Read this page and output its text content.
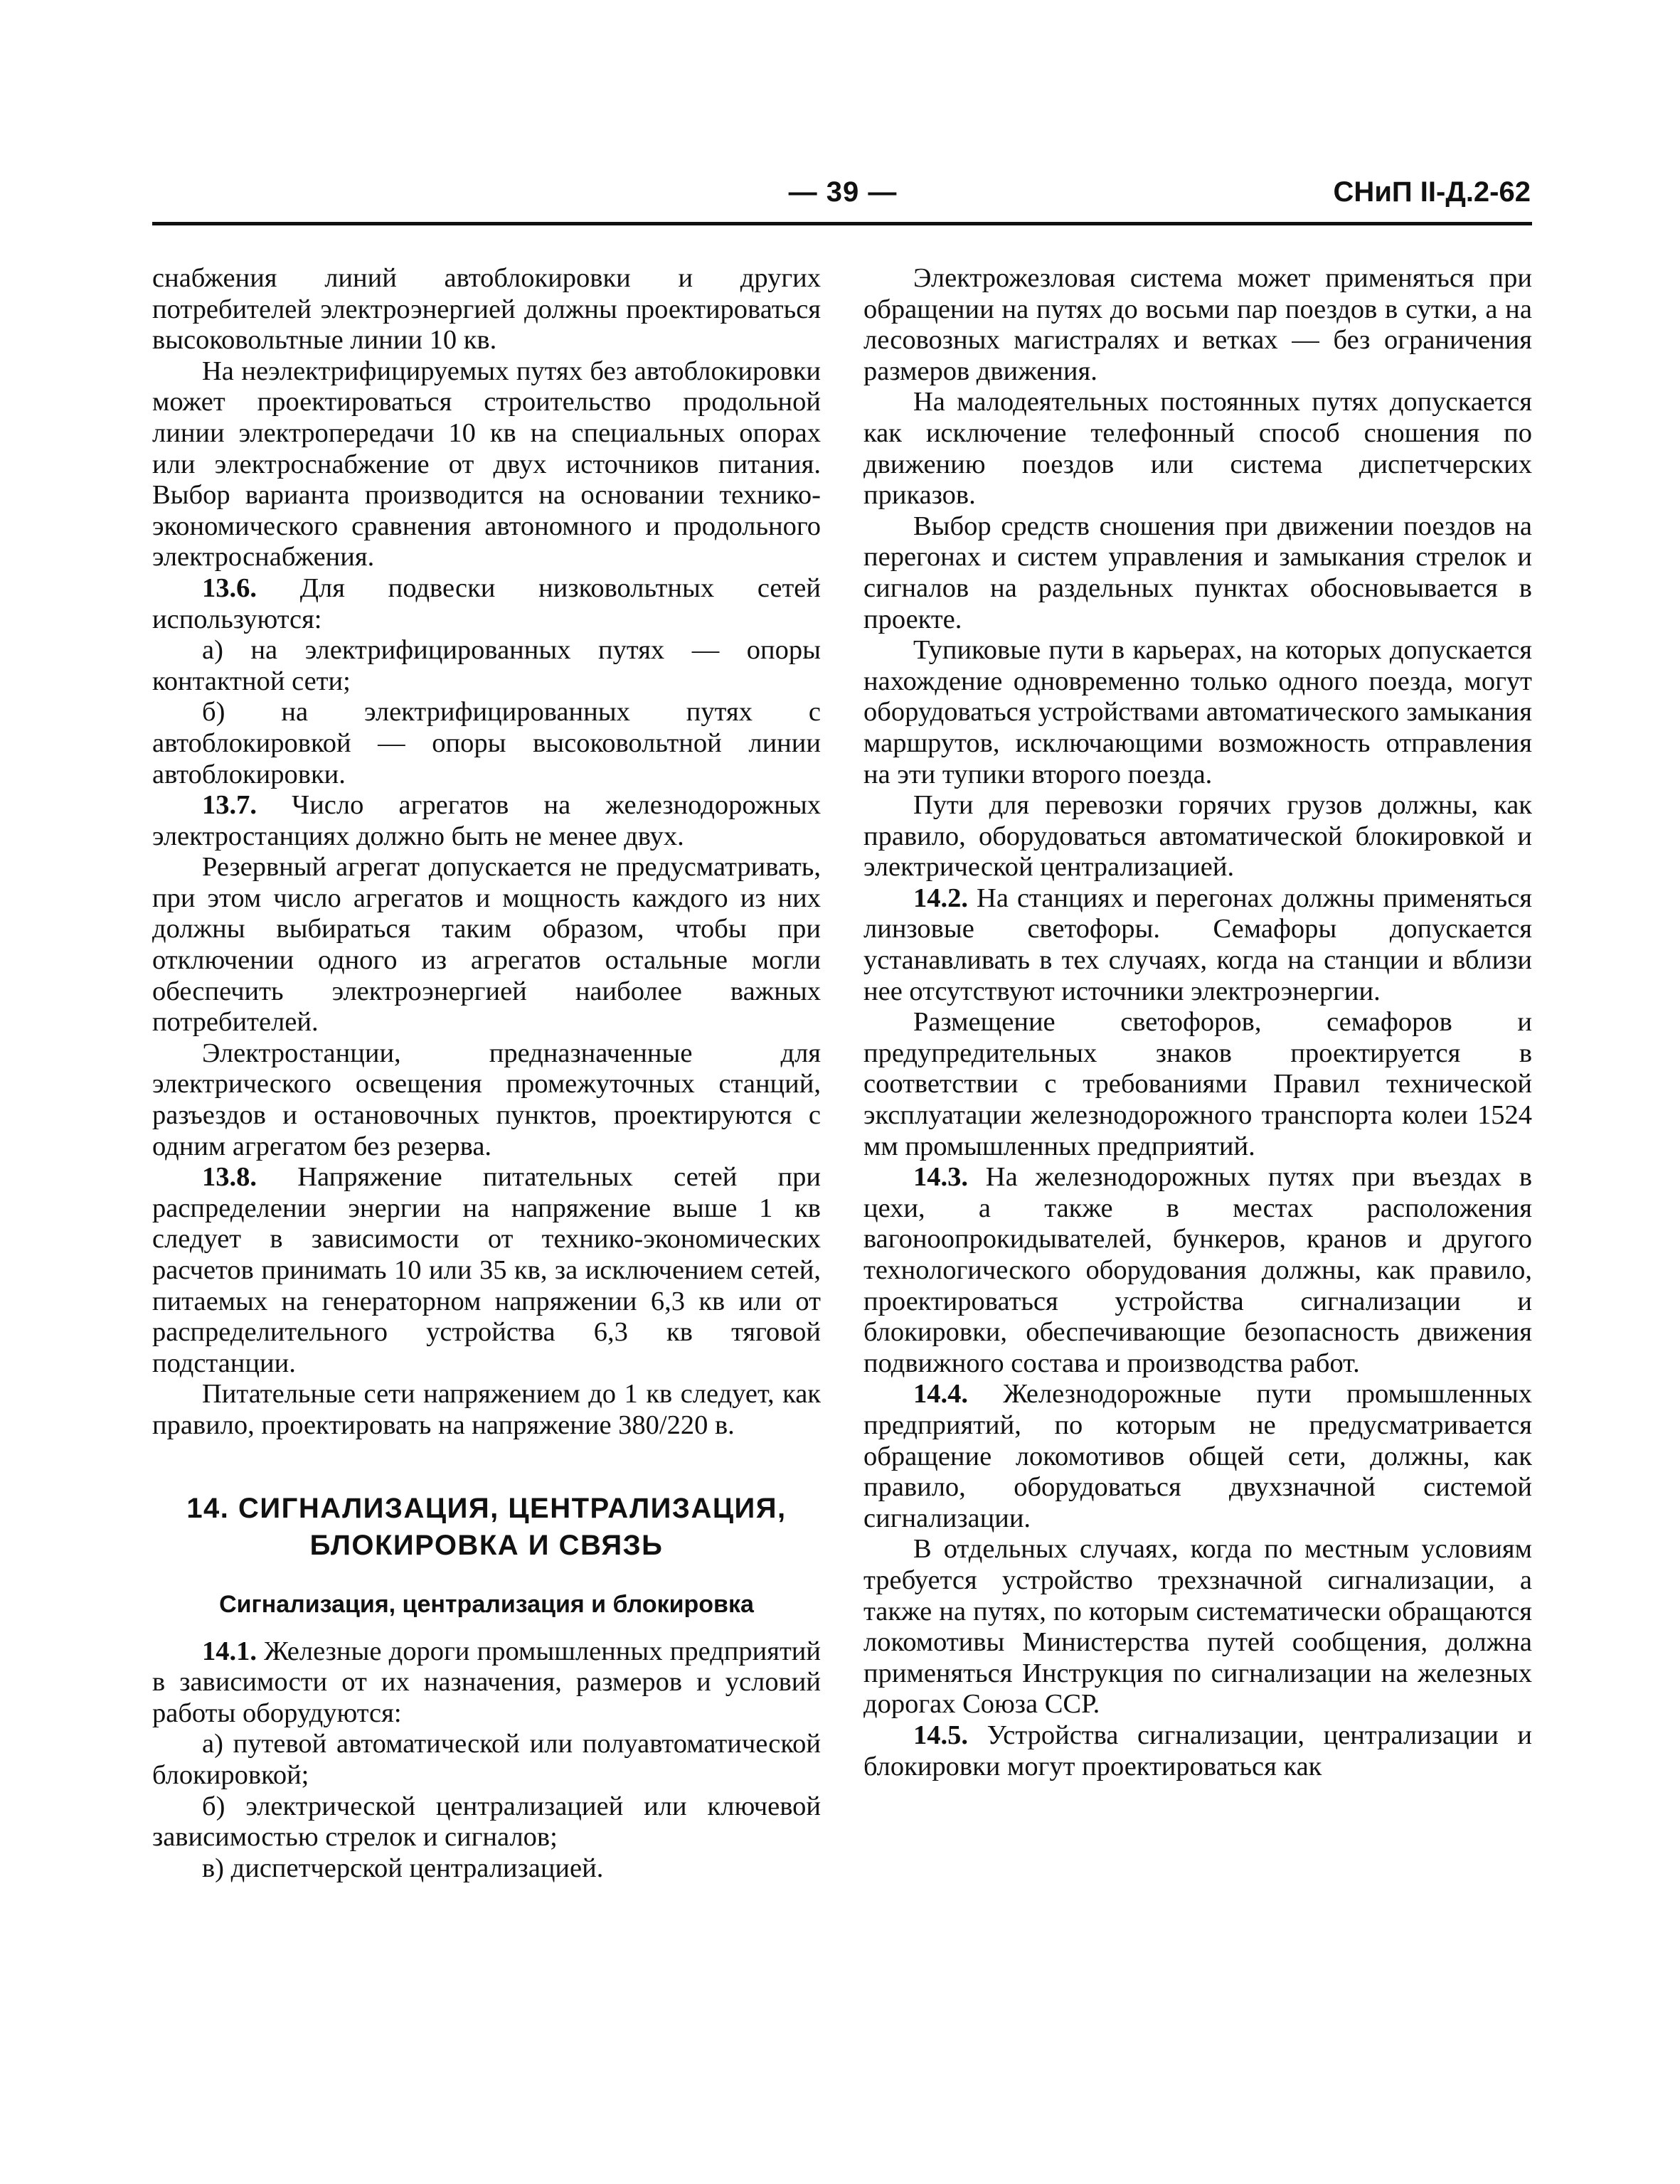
— 39 —	СНиП II-Д.2-62

снабжения линий автоблокировки и других потребителей электроэнергией должны проектироваться высоковольтные линии 10 кв.

На неэлектрифицируемых путях без автоблокировки может проектироваться строительство продольной линии электропередачи 10 кв на специальных опорах или электроснабжение от двух источников питания. Выбор варианта производится на основании технико-экономического сравнения автономного и продольного электроснабжения.

13.6. Для подвески низковольтных сетей используются:

а) на электрифицированных путях — опоры контактной сети;

б) на электрифицированных путях с автоблокировкой — опоры высоковольтной линии автоблокировки.

13.7. Число агрегатов на железнодорожных электростанциях должно быть не менее двух.

Резервный агрегат допускается не предусматривать, при этом число агрегатов и мощность каждого из них должны выбираться таким образом, чтобы при отключении одного из агрегатов остальные могли обеспечить электроэнергией наиболее важных потребителей.

Электростанции, предназначенные для электрического освещения промежуточных станций, разъездов и остановочных пунктов, проектируются с одним агрегатом без резерва.

13.8. Напряжение питательных сетей при распределении энергии на напряжение выше 1 кв следует в зависимости от технико-экономических расчетов принимать 10 или 35 кв, за исключением сетей, питаемых на генераторном напряжении 6,3 кв или от распределительного устройства 6,3 кв тяговой подстанции.

Питательные сети напряжением до 1 кв следует, как правило, проектировать на напряжение 380/220 в.

14. СИГНАЛИЗАЦИЯ, ЦЕНТРАЛИЗАЦИЯ,
БЛОКИРОВКА И СВЯЗЬ
Сигнализация, централизация и блокировка

14.1. Железные дороги промышленных предприятий в зависимости от их назначения, размеров и условий работы оборудуются:

а) путевой автоматической или полуавтоматической блокировкой;

б) электрической централизацией или ключевой зависимостью стрелок и сигналов;

в) диспетчерской централизацией.

Электрожезловая система может применяться при обращении на путях до восьми пар поездов в сутки, а на лесовозных магистралях и ветках — без ограничения размеров движения.

На малодеятельных постоянных путях допускается как исключение телефонный способ сношения по движению поездов или система диспетчерских приказов.

Выбор средств сношения при движении поездов на перегонах и систем управления и замыкания стрелок и сигналов на раздельных пунктах обосновывается в проекте.

Тупиковые пути в карьерах, на которых допускается нахождение одновременно только одного поезда, могут оборудоваться устройствами автоматического замыкания маршрутов, исключающими возможность отправления на эти тупики второго поезда.

Пути для перевозки горячих грузов должны, как правило, оборудоваться автоматической блокировкой и электрической централизацией.

14.2. На станциях и перегонах должны применяться линзовые светофоры. Семафоры допускается устанавливать в тех случаях, когда на станции и вблизи нее отсутствуют источники электроэнергии.

Размещение светофоров, семафоров и предупредительных знаков проектируется в соответствии с требованиями Правил технической эксплуатации железнодорожного транспорта колеи 1524 мм промышленных предприятий.

14.3. На железнодорожных путях при въездах в цехи, а также в местах расположения вагоноопрокидывателей, бункеров, кранов и другого технологического оборудования должны, как правило, проектироваться устройства сигнализации и блокировки, обеспечивающие безопасность движения подвижного состава и производства работ.

14.4. Железнодорожные пути промышленных предприятий, по которым не предусматривается обращение локомотивов общей сети, должны, как правило, оборудоваться двухзначной системой сигнализации.

В отдельных случаях, когда по местным условиям требуется устройство трехзначной сигнализации, а также на путях, по которым систематически обращаются локомотивы Министерства путей сообщения, должна применяться Инструкция по сигнализации на железных дорогах Союза ССР.

14.5. Устройства сигнализации, централизации и блокировки могут проектироваться как
